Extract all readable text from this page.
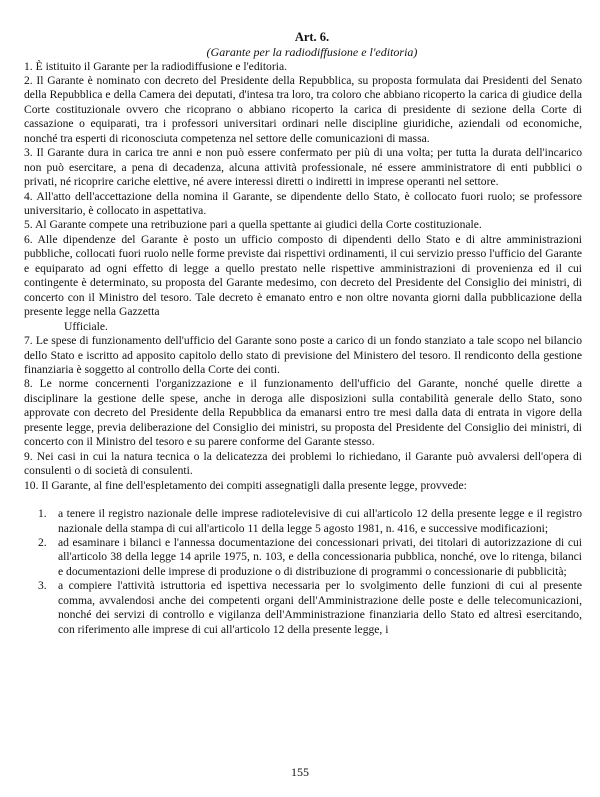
Art. 6.
(Garante per la radiodiffusione e l'editoria)

1. È istituito il Garante per la radiodiffusione e l'editoria.

2. Il Garante è nominato con decreto del Presidente della Repubblica, su proposta formulata dai Presidenti del Senato della Repubblica e della Camera dei deputati, d'intesa tra loro, tra coloro che abbiano ricoperto la carica di giudice della Corte costituzionale ovvero che ricoprano o abbiano ricoperto la carica di presidente di sezione della Corte di cassazione o equiparati, tra i professori universitari ordinari nelle discipline giuridiche, aziendali od economiche, nonché tra esperti di riconosciuta competenza nel settore delle comunicazioni di massa.

3. Il Garante dura in carica tre anni e non può essere confermato per più di una volta; per tutta la durata dell'incarico non può esercitare, a pena di decadenza, alcuna attività professionale, né essere amministratore di enti pubblici o privati, né ricoprire cariche elettive, né avere interessi diretti o indiretti in imprese operanti nel settore.

4. All'atto dell'accettazione della nomina il Garante, se dipendente dello Stato, è collocato fuori ruolo; se professore universitario, è collocato in aspettativa.

5. Al Garante compete una retribuzione pari a quella spettante ai giudici della Corte costituzionale.

6. Alle dipendenze del Garante è posto un ufficio composto di dipendenti dello Stato e di altre amministrazioni pubbliche, collocati fuori ruolo nelle forme previste dai rispettivi ordinamenti, il cui servizio presso l'ufficio del Garante e equiparato ad ogni effetto di legge a quello prestato nelle rispettive amministrazioni di provenienza ed il cui contingente è determinato, su proposta del Garante medesimo, con decreto del Presidente del Consiglio dei ministri, di concerto con il Ministro del tesoro. Tale decreto è emanato entro e non oltre novanta giorni dalla pubblicazione della presente legge nella Gazzetta

Ufficiale.

7. Le spese di funzionamento dell'ufficio del Garante sono poste a carico di un fondo stanziato a tale scopo nel bilancio dello Stato e iscritto ad apposito capitolo dello stato di previsione del Ministero del tesoro. Il rendiconto della gestione finanziaria è soggetto al controllo della Corte dei conti.

8. Le norme concernenti l'organizzazione e il funzionamento dell'ufficio del Garante, nonché quelle dirette a disciplinare la gestione delle spese, anche in deroga alle disposizioni sulla contabilità generale dello Stato, sono approvate con decreto del Presidente della Repubblica da emanarsi entro tre mesi dalla data di entrata in vigore della presente legge, previa deliberazione del Consiglio dei ministri, su proposta del Presidente del Consiglio dei ministri, di concerto con il Ministro del tesoro e su parere conforme del Garante stesso.

9. Nei casi in cui la natura tecnica o la delicatezza dei problemi lo richiedano, il Garante può avvalersi dell'opera di consulenti o di società di consulenti.

10. Il Garante, al fine dell'espletamento dei compiti assegnatigli dalla presente legge, provvede:

1. a tenere il registro nazionale delle imprese radiotelevisive di cui all'articolo 12 della presente legge e il registro nazionale della stampa di cui all'articolo 11 della legge 5 agosto 1981, n. 416, e successive modificazioni;
2. ad esaminare i bilanci e l'annessa documentazione dei concessionari privati, dei titolari di autorizzazione di cui all'articolo 38 della legge 14 aprile 1975, n. 103, e della concessionaria pubblica, nonché, ove lo ritenga, bilanci e documentazioni delle imprese di produzione o di distribuzione di programmi o concessionarie di pubblicità;
3. a compiere l'attività istruttoria ed ispettiva necessaria per lo svolgimento delle funzioni di cui al presente comma, avvalendosi anche dei competenti organi dell'Amministrazione delle poste e delle telecomunicazioni, nonché dei servizi di controllo e vigilanza dell'Amministrazione finanziaria dello Stato ed altresì esercitando, con riferimento alle imprese di cui all'articolo 12 della presente legge, i
155
